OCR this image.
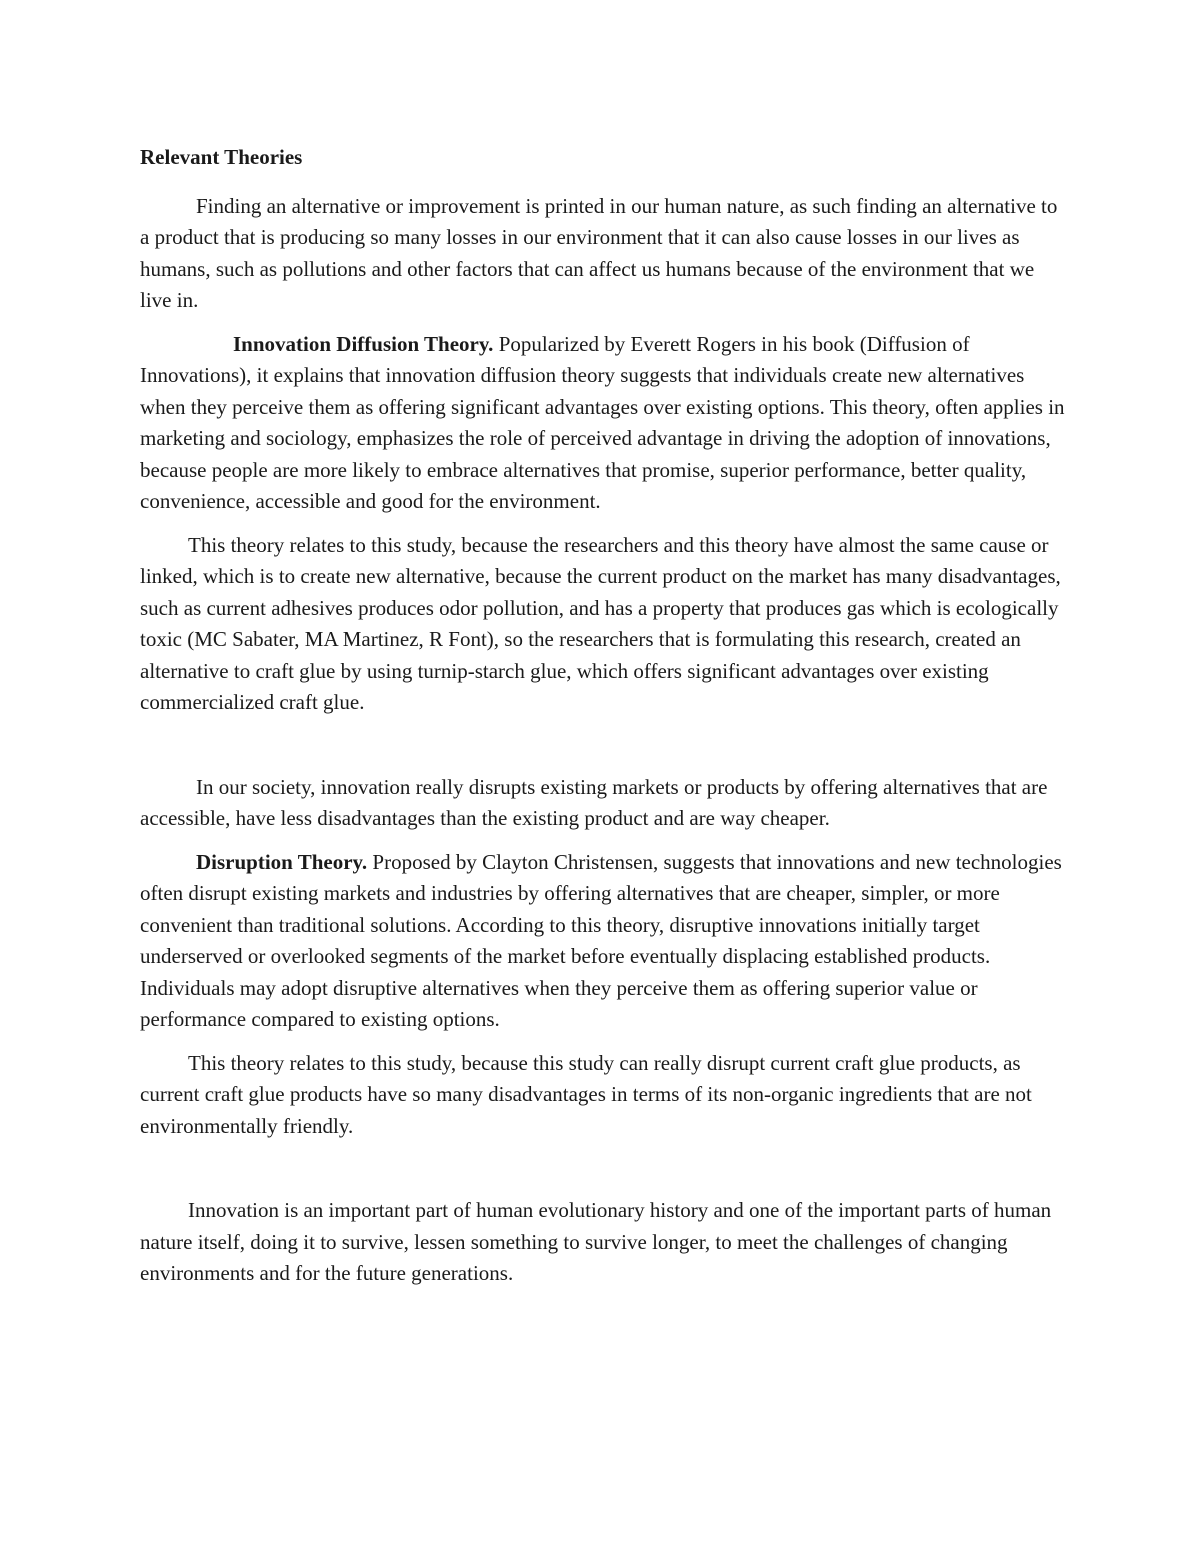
Relevant Theories

Finding an alternative or improvement is printed in our human nature, as such finding an alternative to a product that is producing so many losses in our environment that it can also cause losses in our lives as humans, such as pollutions and other factors that can affect us humans because of the environment that we live in.

Innovation Diffusion Theory. Popularized by Everett Rogers in his book (Diffusion of Innovations), it explains that innovation diffusion theory suggests that individuals create new alternatives when they perceive them as offering significant advantages over existing options. This theory, often applies in marketing and sociology, emphasizes the role of perceived advantage in driving the adoption of innovations, because people are more likely to embrace alternatives that promise, superior performance, better quality, convenience, accessible and good for the environment.

This theory relates to this study, because the researchers and this theory have almost the same cause or linked, which is to create new alternative, because the current product on the market has many disadvantages, such as current adhesives produces odor pollution, and has a property that produces gas which is ecologically toxic (MC Sabater, MA Martinez, R Font), so the researchers that is formulating this research, created an alternative to craft glue by using turnip-starch glue, which offers significant advantages over existing commercialized craft glue.

In our society, innovation really disrupts existing markets or products by offering alternatives that are accessible, have less disadvantages than the existing product and are way cheaper.

Disruption Theory. Proposed by Clayton Christensen, suggests that innovations and new technologies often disrupt existing markets and industries by offering alternatives that are cheaper, simpler, or more convenient than traditional solutions. According to this theory, disruptive innovations initially target underserved or overlooked segments of the market before eventually displacing established products. Individuals may adopt disruptive alternatives when they perceive them as offering superior value or performance compared to existing options.

This theory relates to this study, because this study can really disrupt current craft glue products, as current craft glue products have so many disadvantages in terms of its non-organic ingredients that are not environmentally friendly.

Innovation is an important part of human evolutionary history and one of the important parts of human nature itself, doing it to survive, lessen something to survive longer, to meet the challenges of changing environments and for the future generations.
